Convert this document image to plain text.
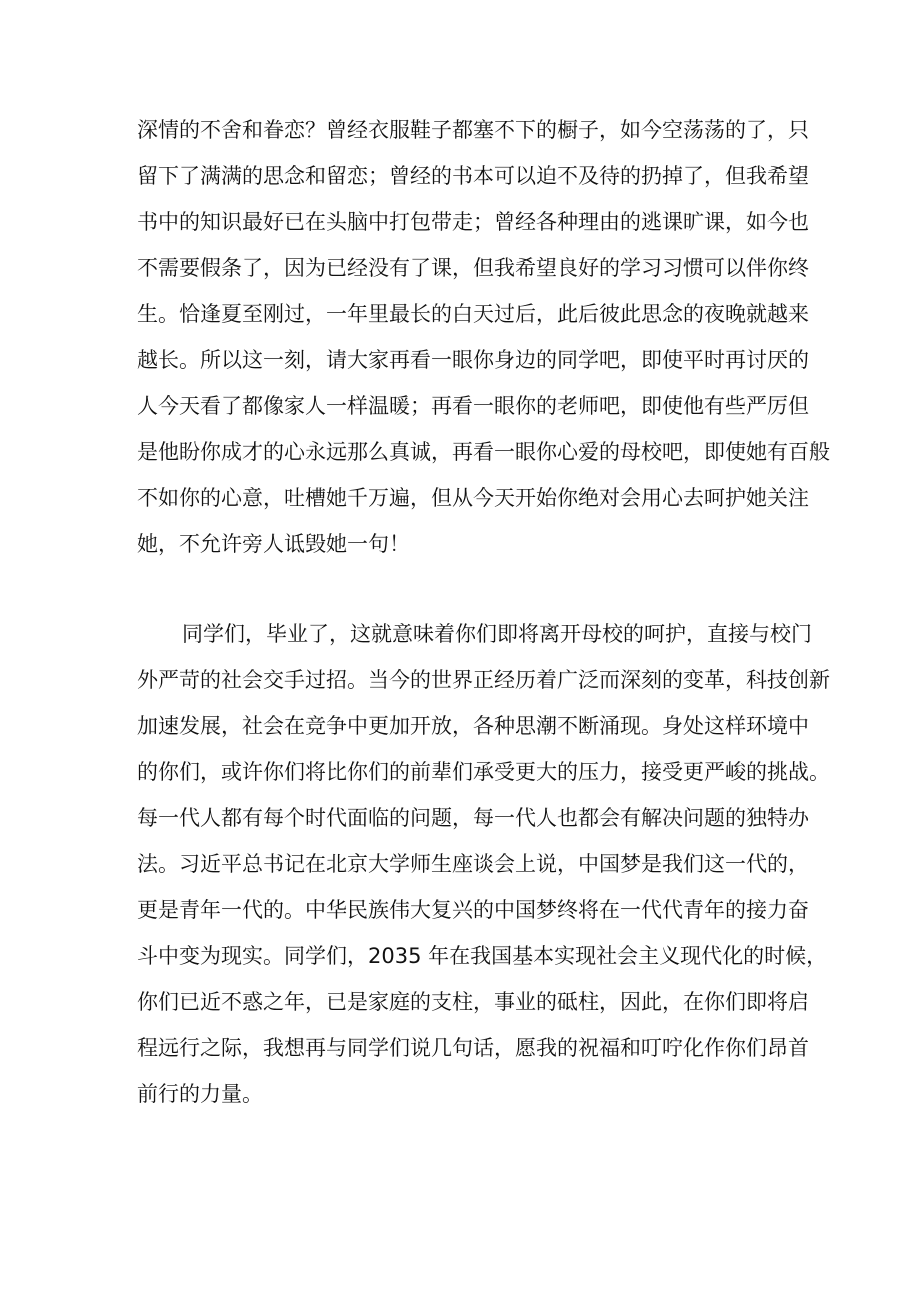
深情的不舍和眷恋？曾经衣服鞋子都塞不下的橱子，如今空荡荡的了，只
留下了满满的思念和留恋；曾经的书本可以迫不及待的扔掉了，但我希望
书中的知识最好已在头脑中打包带走；曾经各种理由的逃课旷课，如今也
不需要假条了，因为已经没有了课，但我希望良好的学习习惯可以伴你终
生。恰逢夏至刚过，一年里最长的白天过后，此后彼此思念的夜晚就越来
越长。所以这一刻，请大家再看一眼你身边的同学吧，即使平时再讨厌的
人今天看了都像家人一样温暖；再看一眼你的老师吧，即使他有些严厉但
是他盼你成才的心永远那么真诚，再看一眼你心爱的母校吧，即使她有百般
不如你的心意，吐槽她千万遍，但从今天开始你绝对会用心去呵护她关注
她，不允许旁人诋毁她一句！
同学们，毕业了，这就意味着你们即将离开母校的呵护，直接与校门
外严苛的社会交手过招。当今的世界正经历着广泛而深刻的变革，科技创新
加速发展，社会在竞争中更加开放，各种思潮不断涌现。身处这样环境中
的你们，或许你们将比你们的前辈们承受更大的压力，接受更严峻的挑战。
每一代人都有每个时代面临的问题，每一代人也都会有解决问题的独特办
法。习近平总书记在北京大学师生座谈会上说，中国梦是我们这一代的，
更是青年一代的。中华民族伟大复兴的中国梦终将在一代代青年的接力奋
斗中变为现实。同学们，2035 年在我国基本实现社会主义现代化的时候，
你们已近不惑之年，已是家庭的支柱，事业的砥柱，因此，在你们即将启
程远行之际，我想再与同学们说几句话，愿我的祝福和叮咛化作你们昂首
前行的力量。
